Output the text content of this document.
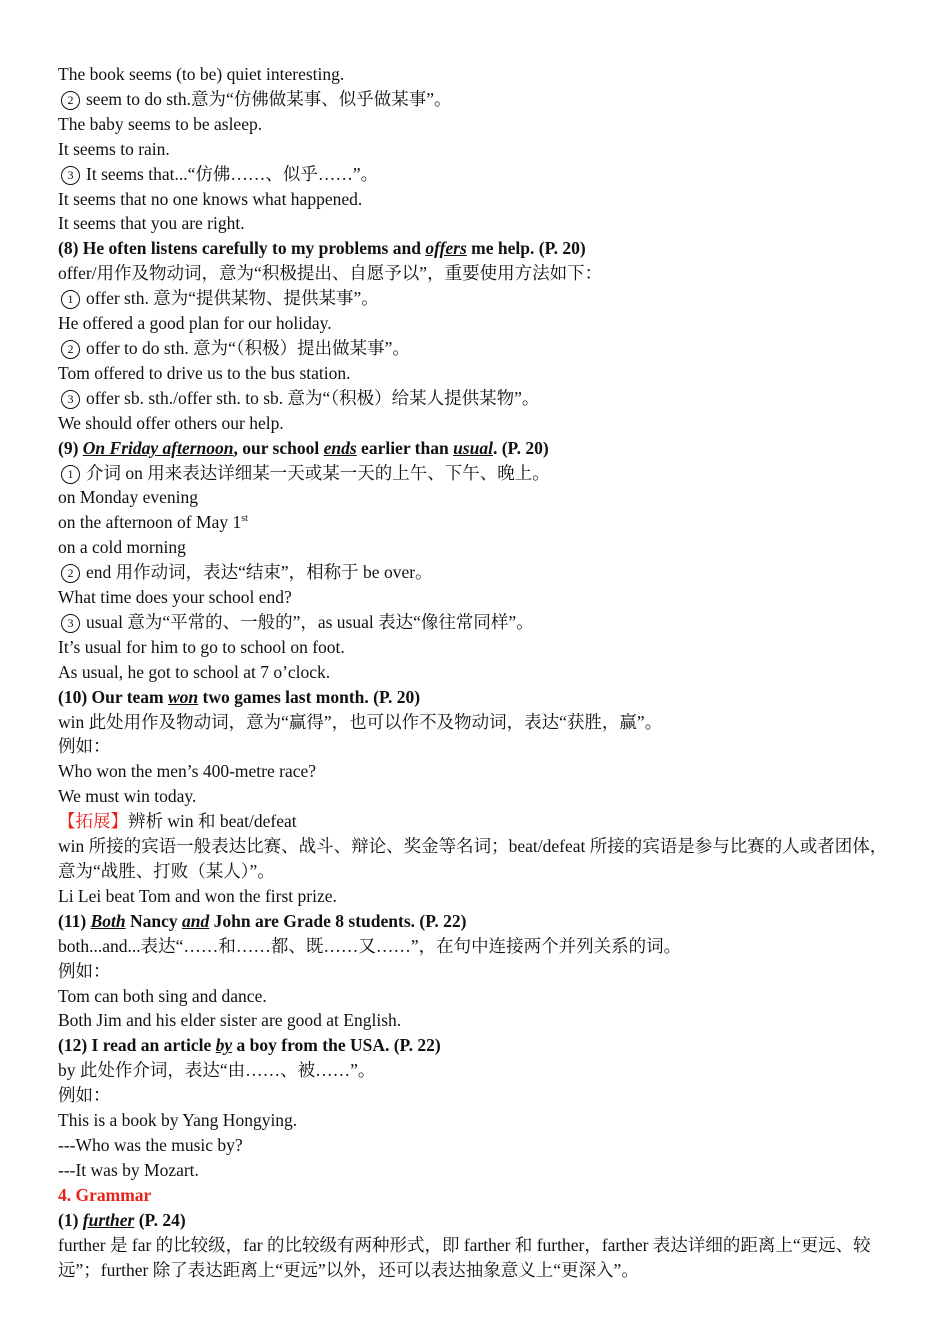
The book seems (to be) quiet interesting.
2 seem to do sth.意为“仿佛做某事、似乎做某事”。
The baby seems to be asleep.
It seems to rain.
3 It seems that...“仿佛……、似乎……”。
It seems that no one knows what happened.
It seems that you are right.
(8) He often listens carefully to my problems and offers me help. (P. 20)
offer/用作及物动词，意为“积极提出、自愿予以”，重要使用方法如下：
1 offer sth. 意为“提供某物、提供某事”。
He offered a good plan for our holiday.
2 offer to do sth. 意为“（积极）提出做某事”。
Tom offered to drive us to the bus station.
3 offer sb. sth./offer sth. to sb. 意为“（积极）给某人提供某物”。
We should offer others our help.
(9) On Friday afternoon, our school ends earlier than usual. (P. 20)
1 介词 on 用来表达详细某一天或某一天的上午、下午、晚上。
on Monday evening
on the afternoon of May 1st
on a cold morning
2 end 用作动词，表达“结束”，相称于 be over。
What time does your school end?
3 usual 意为“平常的、一般的”，as usual 表达“像往常同样”。
It’s usual for him to go to school on foot.
As usual, he got to school at 7 o’clock.
(10) Our team won two games last month. (P. 20)
win 此处用作及物动词，意为“赢得”，也可以作不及物动词，表达“获胜，赢”。
例如：
Who won the men’s 400-metre race?
We must win today.
【拓展】辨析 win 和 beat/defeat
win 所接的宾语一般表达比赛、战斗、辩论、奖金等名词；beat/defeat 所接的宾语是参与比赛的人或者团体，意为“战胜、打败（某人）”。
Li Lei beat Tom and won the first prize.
(11) Both Nancy and John are Grade 8 students. (P. 22)
both...and...表达“……和……都、既……又……”，在句中连接两个并列关系的词。
例如：
Tom can both sing and dance.
Both Jim and his elder sister are good at English.
(12) I read an article by a boy from the USA. (P. 22)
by 此处作介词，表达“由……、被……”。
例如：
This is a book by Yang Hongying.
---Who was the music by?
---It was by Mozart.
4. Grammar
(1) further (P. 24)
further 是 far 的比较级，far 的比较级有两种形式，即 farther 和 further，farther 表达详细的距离上“更远、较远”；further 除了表达距离上“更远”以外，还可以表达抽象意义上“更深入”。
